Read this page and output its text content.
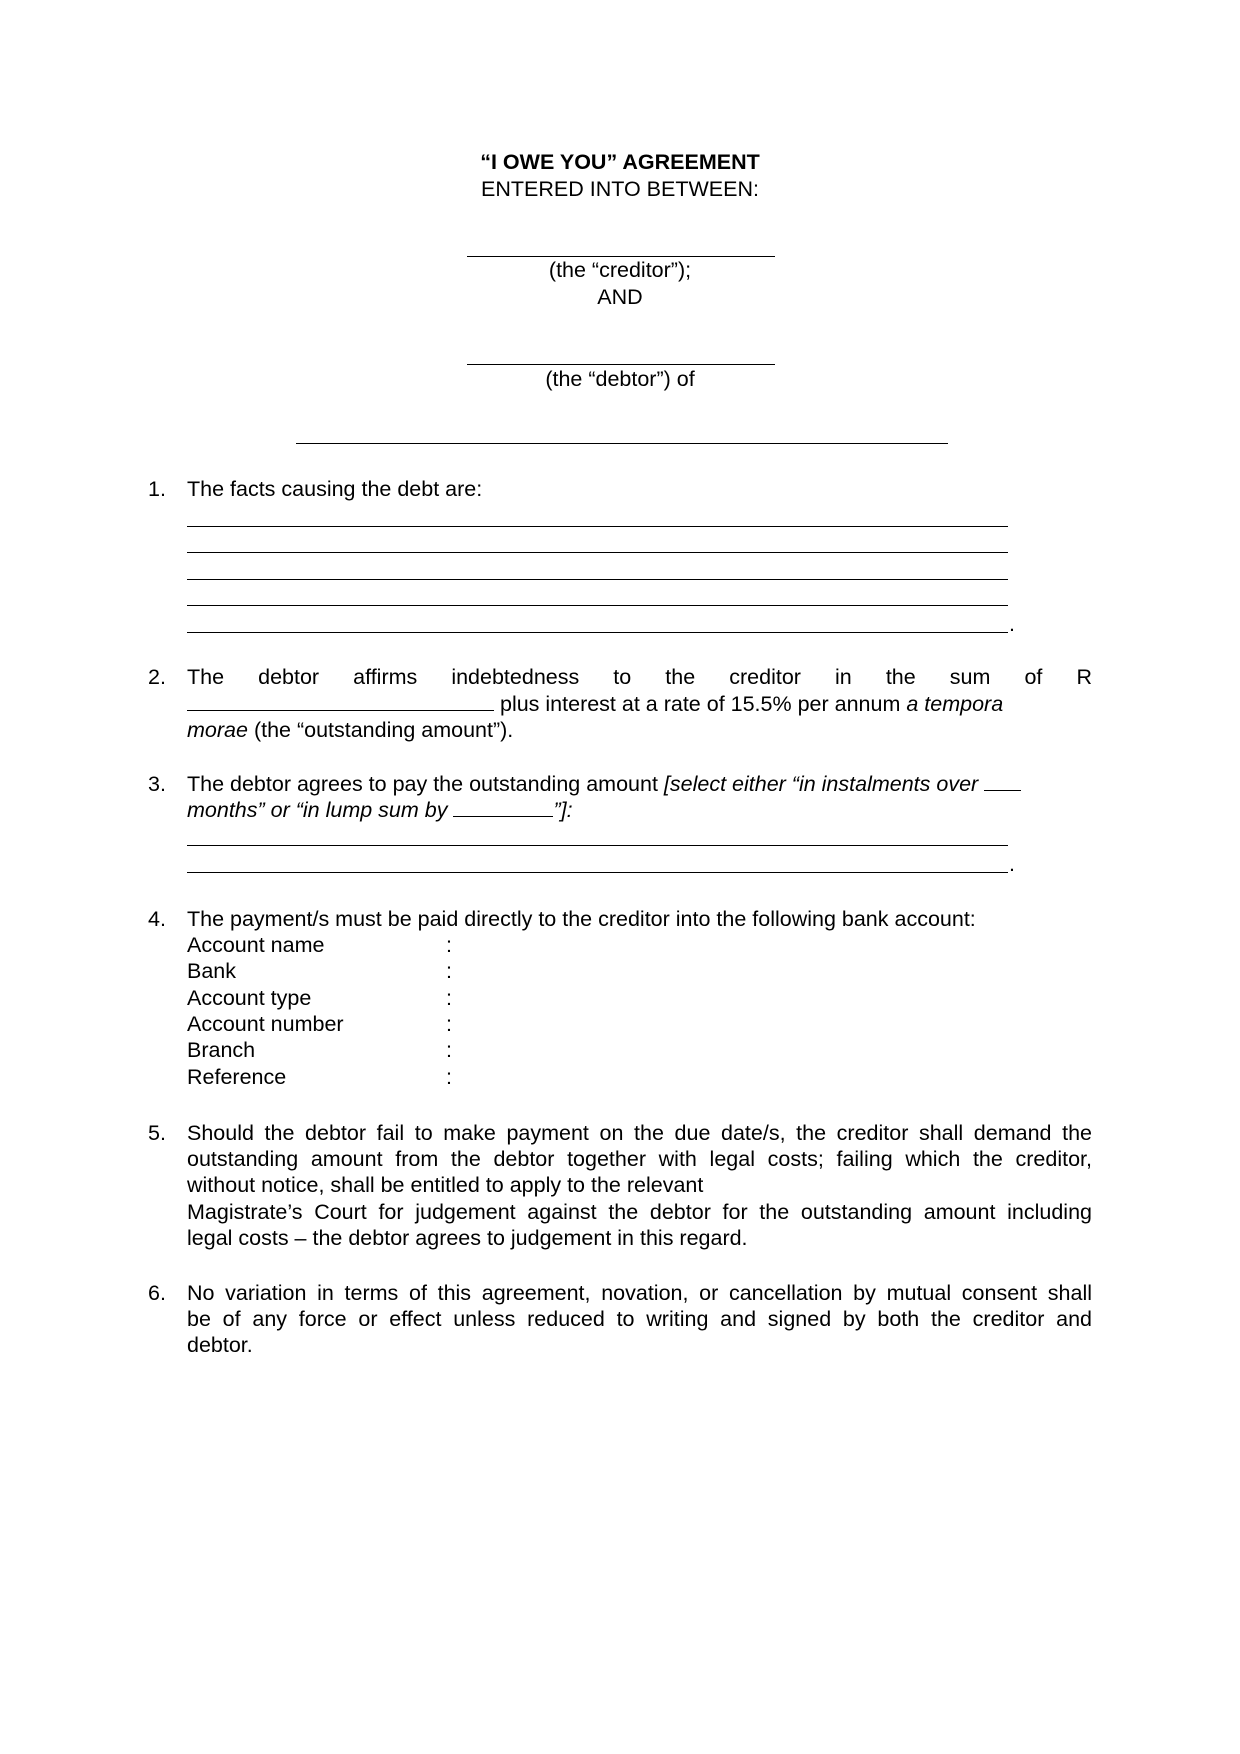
“I OWE YOU” AGREEMENT
ENTERED INTO BETWEEN:
(the “creditor”);
AND
(the “debtor”) of
1. The facts causing the debt are:
.
2. The debtor affirms indebtedness to the creditor in the sum of R
plus interest at a rate of 15.5% per annum a tempora
morae (the “outstanding amount”).
3. The debtor agrees to pay the outstanding amount [select either “in instalments over
months” or “in lump sum by	”]:
.
4. The payment/s must be paid directly to the creditor into the following bank account:
Account name	:
Bank	:
Account type	:
Account number	:
Branch	:
Reference	:
5. Should the debtor fail to make payment on the due date/s, the creditor shall demand the
outstanding amount from the debtor together with legal costs; failing which the creditor,
without notice, shall be entitled to apply to the relevant
Magistrate’s Court for judgement against the debtor for the outstanding amount including
legal costs – the debtor agrees to judgement in this regard.
6. No variation in terms of this agreement, novation, or cancellation by mutual consent shall
be of any force or effect unless reduced to writing and signed by both the creditor and
debtor.
